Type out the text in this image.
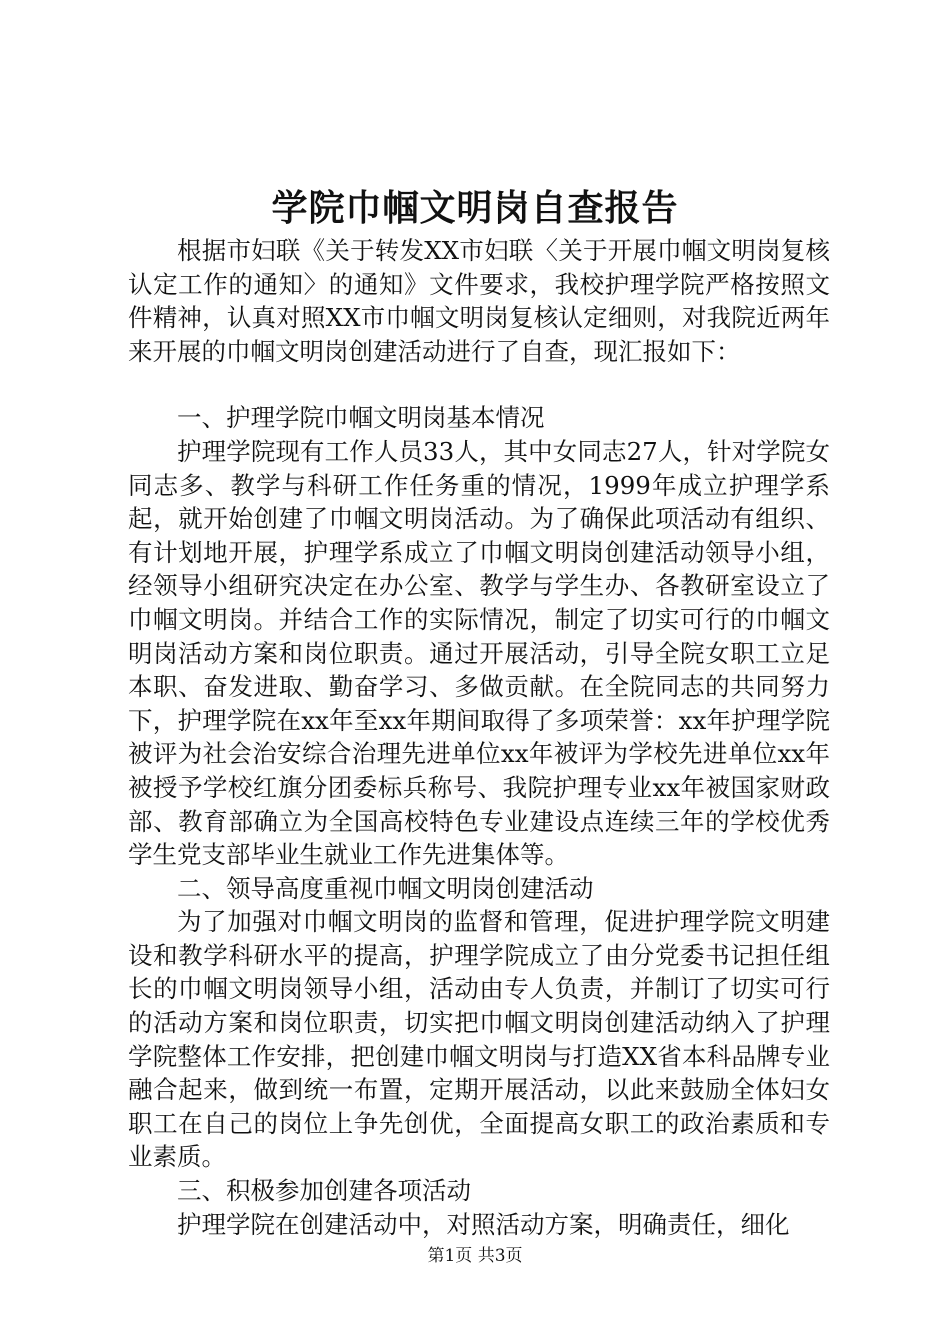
学院巾帼文明岗自查报告

根据市妇联《关于转发XX市妇联〈关于开展巾帼文明岗复核认定工作的通知〉的通知》文件要求，我校护理学院严格按照文件精神，认真对照XX市巾帼文明岗复核认定细则，对我院近两年来开展的巾帼文明岗创建活动进行了自查，现汇报如下：

一、护理学院巾帼文明岗基本情况

护理学院现有工作人员33人，其中女同志27人，针对学院女同志多、教学与科研工作任务重的情况，1999年成立护理学系起，就开始创建了巾帼文明岗活动。为了确保此项活动有组织、有计划地开展，护理学系成立了巾帼文明岗创建活动领导小组，经领导小组研究决定在办公室、教学与学生办、各教研室设立了巾帼文明岗。并结合工作的实际情况，制定了切实可行的巾帼文明岗活动方案和岗位职责。通过开展活动，引导全院女职工立足本职、奋发进取、勤奋学习、多做贡献。在全院同志的共同努力下，护理学院在xx年至xx年期间取得了多项荣誉：xx年护理学院被评为社会治安综合治理先进单位xx年被评为学校先进单位xx年被授予学校红旗分团委标兵称号、我院护理专业xx年被国家财政部、教育部确立为全国高校特色专业建设点连续三年的学校优秀学生党支部毕业生就业工作先进集体等。

二、领导高度重视巾帼文明岗创建活动

为了加强对巾帼文明岗的监督和管理，促进护理学院文明建设和教学科研水平的提高，护理学院成立了由分党委书记担任组长的巾帼文明岗领导小组，活动由专人负责，并制订了切实可行的活动方案和岗位职责，切实把巾帼文明岗创建活动纳入了护理学院整体工作安排，把创建巾帼文明岗与打造XX省本科品牌专业融合起来，做到统一布置，定期开展活动，以此来鼓励全体妇女职工在自己的岗位上争先创优，全面提高女职工的政治素质和专业素质。

三、积极参加创建各项活动

护理学院在创建活动中，对照活动方案，明确责任，细化

第1页 共3页
